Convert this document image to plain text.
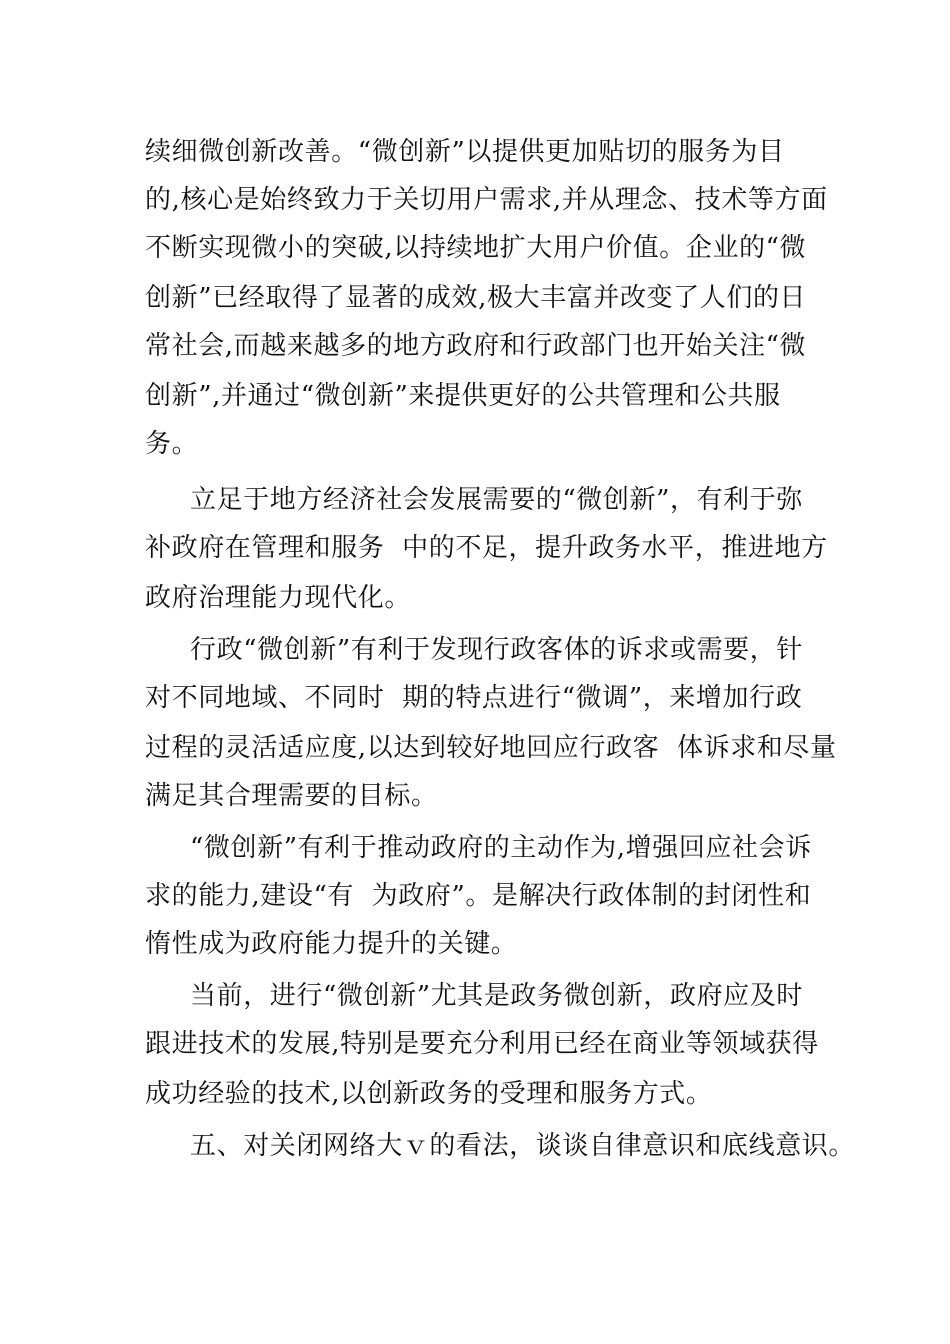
续细微创新改善。“微创新”以提供更加贴切的服务为目
的,核心是始终致力于关切用户需求,并从理念、技术等方面
不断实现微小的突破,以持续地扩大用户价值。企业的“微
创新”已经取得了显著的成效,极大丰富并改变了人们的日
常社会,而越来越多的地方政府和行政部门也开始关注“微
创新”,并通过“微创新”来提供更好的公共管理和公共服
务。
立足于地方经济社会发展需要的“微创新”，有利于弥
补政府在管理和服务  中的不足，提升政务水平，推进地方
政府治理能力现代化。
行政“微创新”有利于发现行政客体的诉求或需要，针
对不同地域、不同时  期的特点进行“微调”，来增加行政
过程的灵活适应度,以达到较好地回应行政客  体诉求和尽量
满足其合理需要的目标。
“微创新”有利于推动政府的主动作为,增强回应社会诉
求的能力,建设“有  为政府”。是解决行政体制的封闭性和
惰性成为政府能力提升的关键。
当前，进行“微创新”尤其是政务微创新，政府应及时
跟进技术的发展,特别是要充分利用已经在商业等领域获得
成功经验的技术,以创新政务的受理和服务方式。
五、对关闭网络大ｖ的看法，谈谈自律意识和底线意识。
